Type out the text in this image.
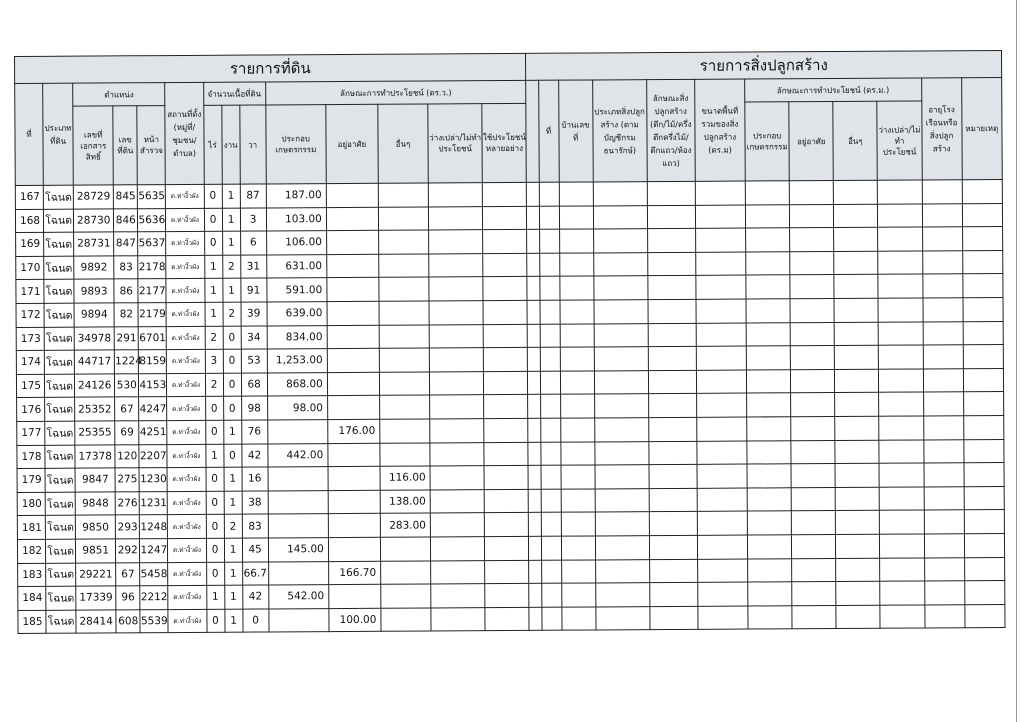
รายการที่ดิน														รายการสิ่งปลูกสร้าง											
ที่	ประเภทที่ดิน	ตำแหน่ง			สถานที่ตั้ง (หมู่ที่/ชุมชน/ตำบล)	จำนวนเนื้อที่ดิน			ลักษณะการทำประโยชน์ (ตร.ว.)						ที่	บ้านเลขที่	ประเภทสิ่งปลูกสร้าง (ตามบัญชีกรมธนารักษ์)	ลักษณะสิ่งปลูกสร้าง (ตึก/ไม้/ครึ่งตึกครึ่งไม้/ตึกแถว/ห้องแถว)	ขนาดพื้นที่รวมของสิ่งปลูกสร้าง (ตร.ม)	ลักษณะการทำประโยชน์ (ตร.ม.)				อายุโรงเรือนหรือสิ่งปลูกสร้าง	หมายเหตุ
		เลขที่เอกสารสิทธิ์	เลขที่ดิน	หน้าสำรวจ		ไร่	งาน	วา	ประกอบเกษตรกรรม	อยู่อาศัย	อื่นๆ	ว่างเปล่า/ไม่ทำประโยชน์	ใช้ประโยชน์หลายอย่าง							ประกอบเกษตรกรรม	อยู่อาศัย	อื่นๆ	ว่างเปล่า/ไม่ทำประโยชน์		
167	โฉนด	28729	845	5635	ต.ท่างิ้วผัง	0	1	87	187.00																
168	โฉนด	28730	846	5636	ต.ท่างิ้วผัง	0	1	3	103.00																
169	โฉนด	28731	847	5637	ต.ท่างิ้วผัง	0	1	6	106.00																
170	โฉนด	9892	83	2178	ต.ท่างิ้วผัง	1	2	31	631.00																
171	โฉนด	9893	86	2177	ต.ท่างิ้วผัง	1	1	91	591.00																
172	โฉนด	9894	82	2179	ต.ท่างิ้วผัง	1	2	39	639.00																
173	โฉนด	34978	291	6701	ต.ท่างิ้วผัง	2	0	34	834.00																
174	โฉนด	44717	1224	8159	ต.ท่างิ้วผัง	3	0	53	1,253.00																
175	โฉนด	24126	530	4153	ต.ท่างิ้วผัง	2	0	68	868.00																
176	โฉนด	25352	67	4247	ต.ท่างิ้วผัง	0	0	98	98.00																
177	โฉนด	25355	69	4251	ต.ท่างิ้วผัง	0	1	76		176.00															
178	โฉนด	17378	120	2207	ต.ท่างิ้วผัง	1	0	42	442.00																
179	โฉนด	9847	275	1230	ต.ท่างิ้วผัง	0	1	16			116.00														
180	โฉนด	9848	276	1231	ต.ท่างิ้วผัง	0	1	38			138.00														
181	โฉนด	9850	293	1248	ต.ท่างิ้วผัง	0	2	83			283.00														
182	โฉนด	9851	292	1247	ต.ท่างิ้วผัง	0	1	45	145.00																
183	โฉนด	29221	67	5458	ต.ท่างิ้วผัง	0	1	66.7		166.70															
184	โฉนด	17339	96	2212	ต.ท่างิ้วผัง	1	1	42	542.00																
185	โฉนด	28414	608	5539	ต.ท่างิ้วผัง	0	1	0		100.00															
